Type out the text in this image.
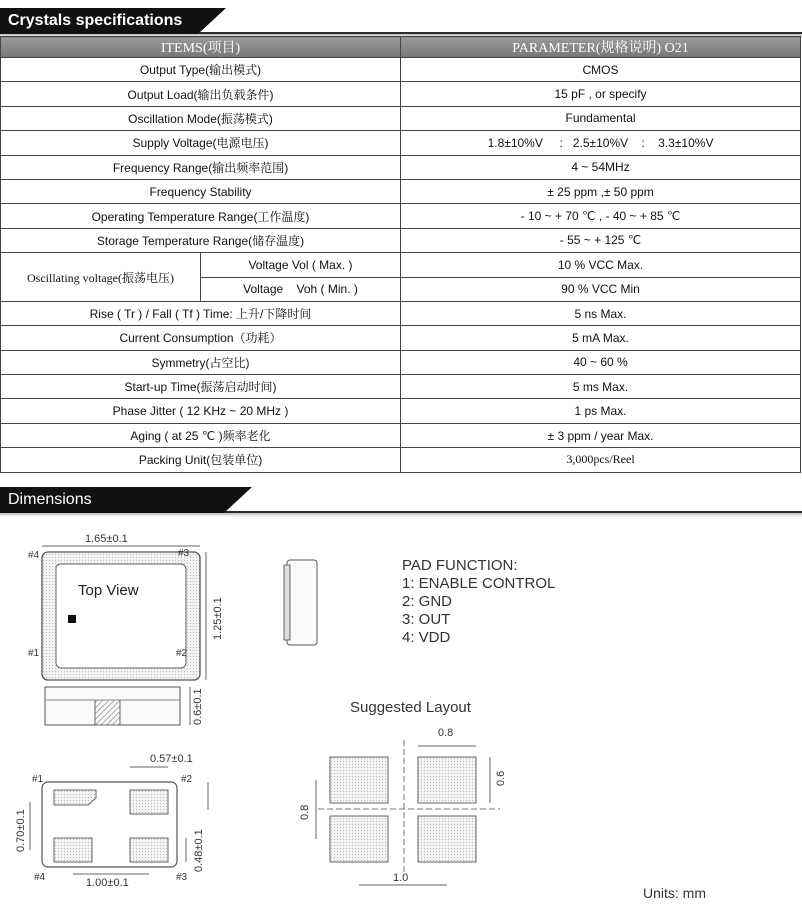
Crystals specifications
ITEMS(项目)		PARAMETER(规格说明) O21
Output Type(输出模式)		CMOS
Output Load(输出负载条件)		15 pF , or specify
Oscillation Mode(振荡模式)		Fundamental
Supply Voltage(电源电压)		1.8±10%V     :   2.5±10%V    :    3.3±10%V
Frequency Range(输出频率范围)		4 ~ 54MHz
Frequency Stability		± 25 ppm ,± 50 ppm
Operating Temperature Range(工作温度)		- 10 ~ + 70 ℃ , - 40 ~ + 85 ℃
Storage Temperature Range(储存温度)		- 55 ~ + 125 ℃
Oscillating voltage(振荡电压)	Voltage Vol ( Max. )	10 % VCC Max.
	Voltage    Voh ( Min. )	90 % VCC Min
Rise ( Tr ) / Fall ( Tf ) Time: 上升/下降时间		5 ns Max.
Current Consumption（功耗）		5 mA Max.
Symmetry(占空比)		40 ~ 60 %
Start-up Time(振荡启动时间)		5 ms Max.
Phase Jitter ( 12 KHz ~ 20 MHz )		1 ps Max.
Aging ( at 25 ℃ )频率老化		± 3 ppm / year Max.
Packing Unit(包装单位)		3,000pcs/Reel
Dimensions
Top View
1.65±0.1
1.25±0.1
#4	#3
#1	#2
0.6±0.1
0.57±0.1
1.00±0.1
0.70±0.1	0.48±0.1
#1	#2
#4	#3
PAD FUNCTION:
1: ENABLE CONTROL
2: GND
3: OUT
4: VDD
Suggested Layout
0.8
0.6
0.8
1.0
Units: mm
